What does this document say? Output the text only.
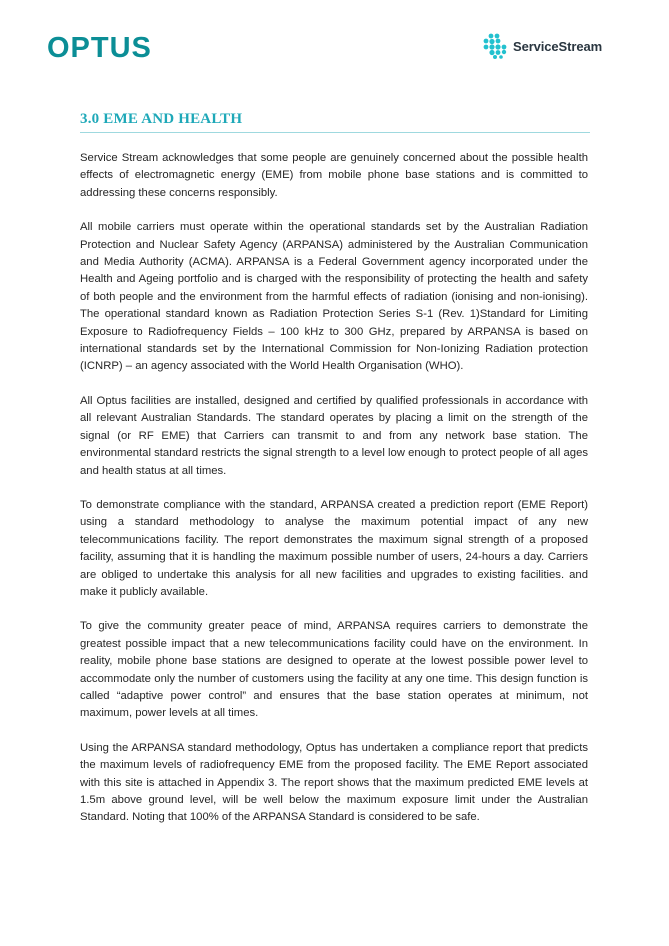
OPTUS	ServiceStream
3.0 EME AND HEALTH

Service Stream acknowledges that some people are genuinely concerned about the possible health effects of electromagnetic energy (EME) from mobile phone base stations and is committed to addressing these concerns responsibly.

All mobile carriers must operate within the operational standards set by the Australian Radiation Protection and Nuclear Safety Agency (ARPANSA) administered by the Australian Communication and Media Authority (ACMA). ARPANSA is a Federal Government agency incorporated under the Health and Ageing portfolio and is charged with the responsibility of protecting the health and safety of both people and the environment from the harmful effects of radiation (ionising and non-ionising). The operational standard known as Radiation Protection Series S-1 (Rev. 1)Standard for Limiting Exposure to Radiofrequency Fields – 100 kHz to 300 GHz, prepared by ARPANSA is based on international standards set by the International Commission for Non-Ionizing Radiation protection (ICNRP) – an agency associated with the World Health Organisation (WHO).

All Optus facilities are installed, designed and certified by qualified professionals in accordance with all relevant Australian Standards. The standard operates by placing a limit on the strength of the signal (or RF EME) that Carriers can transmit to and from any network base station. The environmental standard restricts the signal strength to a level low enough to protect people of all ages and health status at all times.

To demonstrate compliance with the standard, ARPANSA created a prediction report (EME Report) using a standard methodology to analyse the maximum potential impact of any new telecommunications facility. The report demonstrates the maximum signal strength of a proposed facility, assuming that it is handling the maximum possible number of users, 24-hours a day. Carriers are obliged to undertake this analysis for all new facilities and upgrades to existing facilities. and make it publicly available.

To give the community greater peace of mind, ARPANSA requires carriers to demonstrate the greatest possible impact that a new telecommunications facility could have on the environment. In reality, mobile phone base stations are designed to operate at the lowest possible power level to accommodate only the number of customers using the facility at any one time. This design function is called “adaptive power control” and ensures that the base station operates at minimum, not maximum, power levels at all times.

Using the ARPANSA standard methodology, Optus has undertaken a compliance report that predicts the maximum levels of radiofrequency EME from the proposed facility. The EME Report associated with this site is attached in Appendix 3. The report shows that the maximum predicted EME levels at 1.5m above ground level, will be well below the maximum exposure limit under the Australian Standard. Noting that 100% of the ARPANSA Standard is considered to be safe.
